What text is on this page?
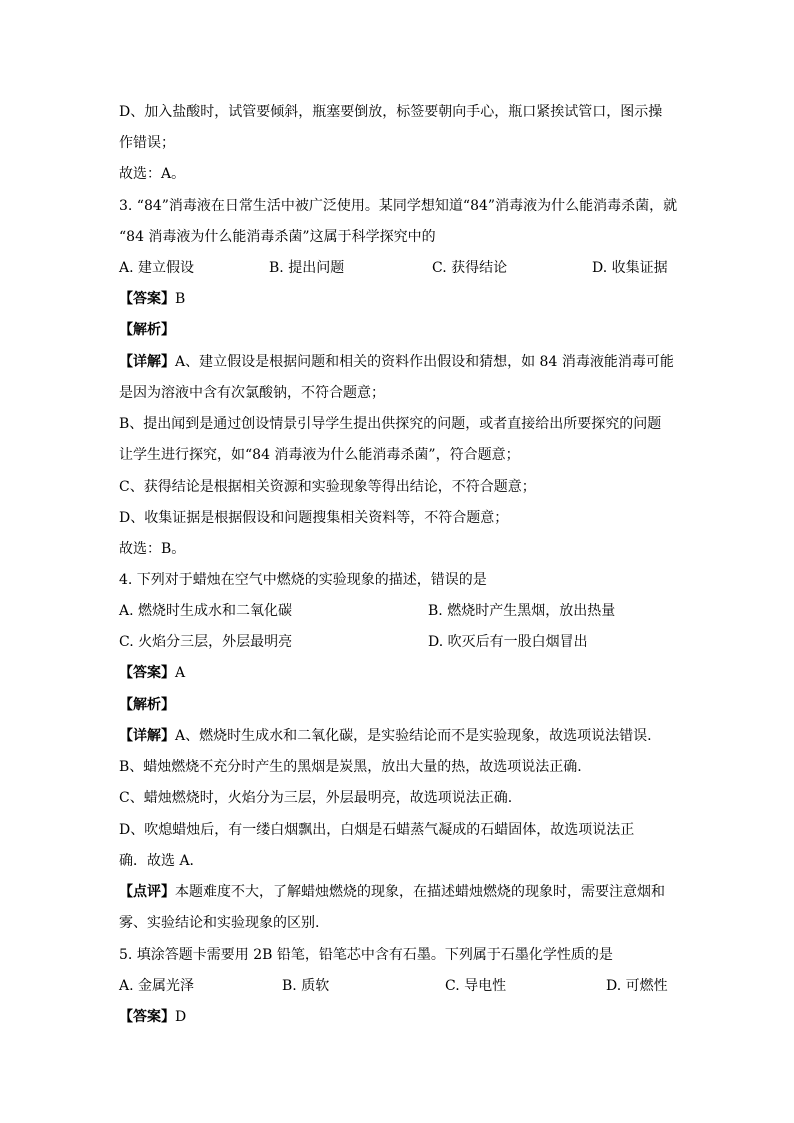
D、加入盐酸时，试管要倾斜，瓶塞要倒放，标签要朝向手心，瓶口紧挨试管口，图示操
作错误；
故选：A。
3. “84”消毒液在日常生活中被广泛使用。某同学想知道“84”消毒液为什么能消毒杀菌，就
“84 消毒液为什么能消毒杀菌”这属于科学探究中的
A. 建立假设	B. 提出问题	C. 获得结论	D. 收集证据
【答案】B
【解析】
【详解】A、建立假设是根据问题和相关的资料作出假设和猜想，如 84 消毒液能消毒可能
是因为溶液中含有次氯酸钠，不符合题意；
B、提出闻到是通过创设情景引导学生提出供探究的问题，或者直接给出所要探究的问题
让学生进行探究，如“84 消毒液为什么能消毒杀菌”，符合题意；
C、获得结论是根据相关资源和实验现象等得出结论，不符合题意；
D、收集证据是根据假设和问题搜集相关资料等，不符合题意；
故选：B。
4. 下列对于蜡烛在空气中燃烧的实验现象的描述，错误的是
A. 燃烧时生成水和二氧化碳	B. 燃烧时产生黑烟，放出热量
C. 火焰分三层，外层最明亮	D. 吹灭后有一股白烟冒出
【答案】A
【解析】
【详解】A、燃烧时生成水和二氧化碳，是实验结论而不是实验现象，故选项说法错误.
B、蜡烛燃烧不充分时产生的黑烟是炭黑，放出大量的热，故选项说法正确.
C、蜡烛燃烧时，火焰分为三层，外层最明亮，故选项说法正确.
D、吹熄蜡烛后，有一缕白烟飘出，白烟是石蜡蒸气凝成的石蜡固体，故选项说法正
确．故选 A．
【点评】本题难度不大，了解蜡烛燃烧的现象，在描述蜡烛燃烧的现象时，需要注意烟和
雾、实验结论和实验现象的区别.
5. 填涂答题卡需要用 2B 铅笔，铅笔芯中含有石墨。下列属于石墨化学性质的是
A. 金属光泽	B. 质软	C. 导电性	D. 可燃性
【答案】D
